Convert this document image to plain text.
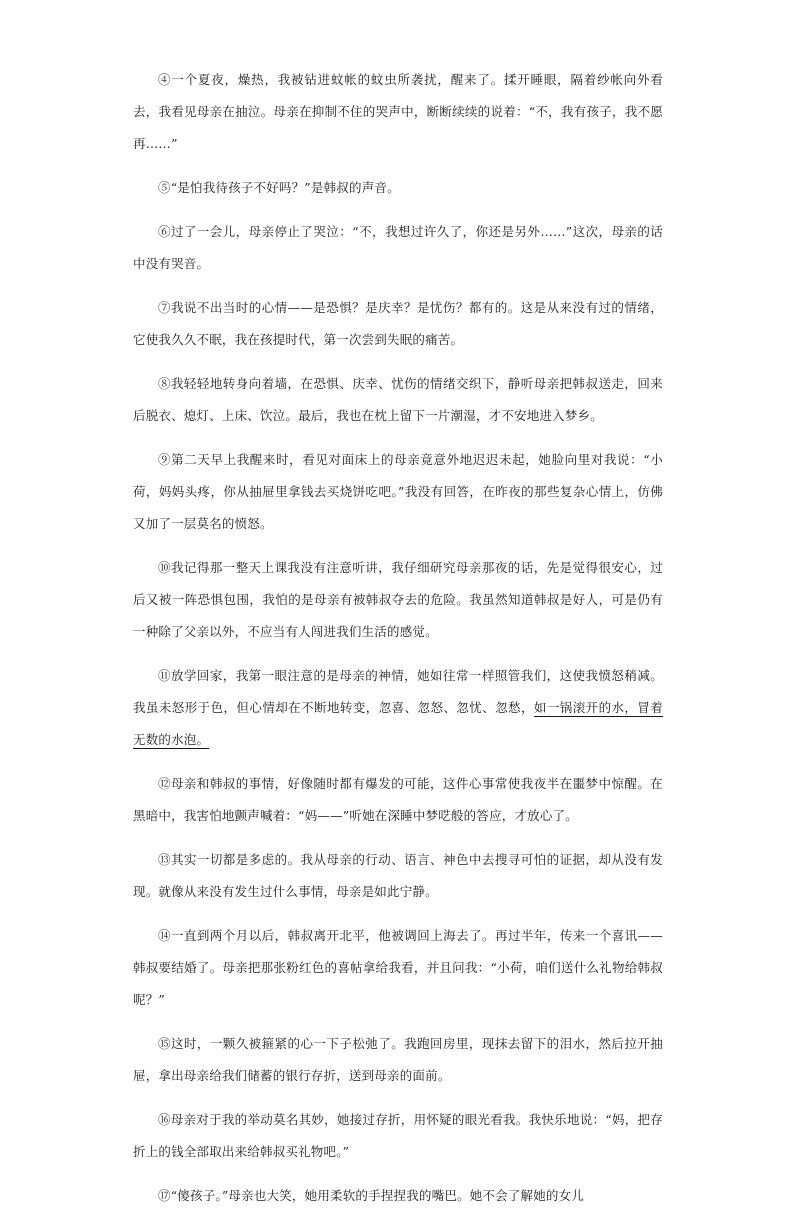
④一个夏夜，燥热，我被钻进蚊帐的蚊虫所袭扰，醒来了。揉开睡眼，隔着纱帐向外看去，我看见母亲在抽泣。母亲在抑制不住的哭声中，断断续续的说着：“不，我有孩子，我不愿再……”

⑤“是怕我待孩子不好吗？”是韩叔的声音。

⑥过了一会儿，母亲停止了哭泣：“不，我想过许久了，你还是另外……”这次，母亲的话中没有哭音。

⑦我说不出当时的心情——是恐惧？是庆幸？是忧伤？都有的。这是从来没有过的情绪，它使我久久不眠，我在孩提时代，第一次尝到失眠的痛苦。

⑧我轻轻地转身向着墙，在恐惧、庆幸、忧伤的情绪交织下，静听母亲把韩叔送走，回来后脱衣、熄灯、上床、饮泣。最后，我也在枕上留下一片潮湿，才不安地进入梦乡。

⑨第二天早上我醒来时，看见对面床上的母亲竟意外地迟迟未起，她脸向里对我说：“小荷，妈妈头疼，你从抽屉里拿钱去买烧饼吃吧。”我没有回答，在昨夜的那些复杂心情上，仿佛又加了一层莫名的愤怒。

⑩我记得那一整天上课我没有注意听讲，我仔细研究母亲那夜的话，先是觉得很安心，过后又被一阵恐惧包围，我怕的是母亲有被韩叔夺去的危险。我虽然知道韩叔是好人，可是仍有一种除了父亲以外，不应当有人闯进我们生活的感觉。

⑪放学回家，我第一眼注意的是母亲的神情，她如往常一样照管我们，这使我愤怒稍减。我虽未怒形于色，但心情却在不断地转变，忽喜、忽怒、忽忧、忽愁，如一锅滚开的水，冒着无数的水泡。

⑫母亲和韩叔的事情，好像随时都有爆发的可能，这件心事常使我夜半在噩梦中惊醒。在黑暗中，我害怕地颤声喊着：“妈——”听她在深睡中梦呓般的答应，才放心了。

⑬其实一切都是多虑的。我从母亲的行动、语言、神色中去搜寻可怕的证据，却从没有发现。就像从来没有发生过什么事情，母亲是如此宁静。

⑭一直到两个月以后，韩叔离开北平，他被调回上海去了。再过半年，传来一个喜讯——韩叔要结婚了。母亲把那张粉红色的喜帖拿给我看，并且问我：“小荷，咱们送什么礼物给韩叔呢？”

⑮这时，一颗久被箍紧的心一下子松弛了。我跑回房里，现抹去留下的泪水，然后拉开抽屉，拿出母亲给我们储蓄的银行存折，送到母亲的面前。

⑯母亲对于我的举动莫名其妙，她接过存折，用怀疑的眼光看我。我快乐地说：“妈，把存折上的钱全部取出来给韩叔买礼物吧。”

⑰“傻孩子。”母亲也大笑，她用柔软的手捏捏我的嘴巴。她不会了解她的女儿
